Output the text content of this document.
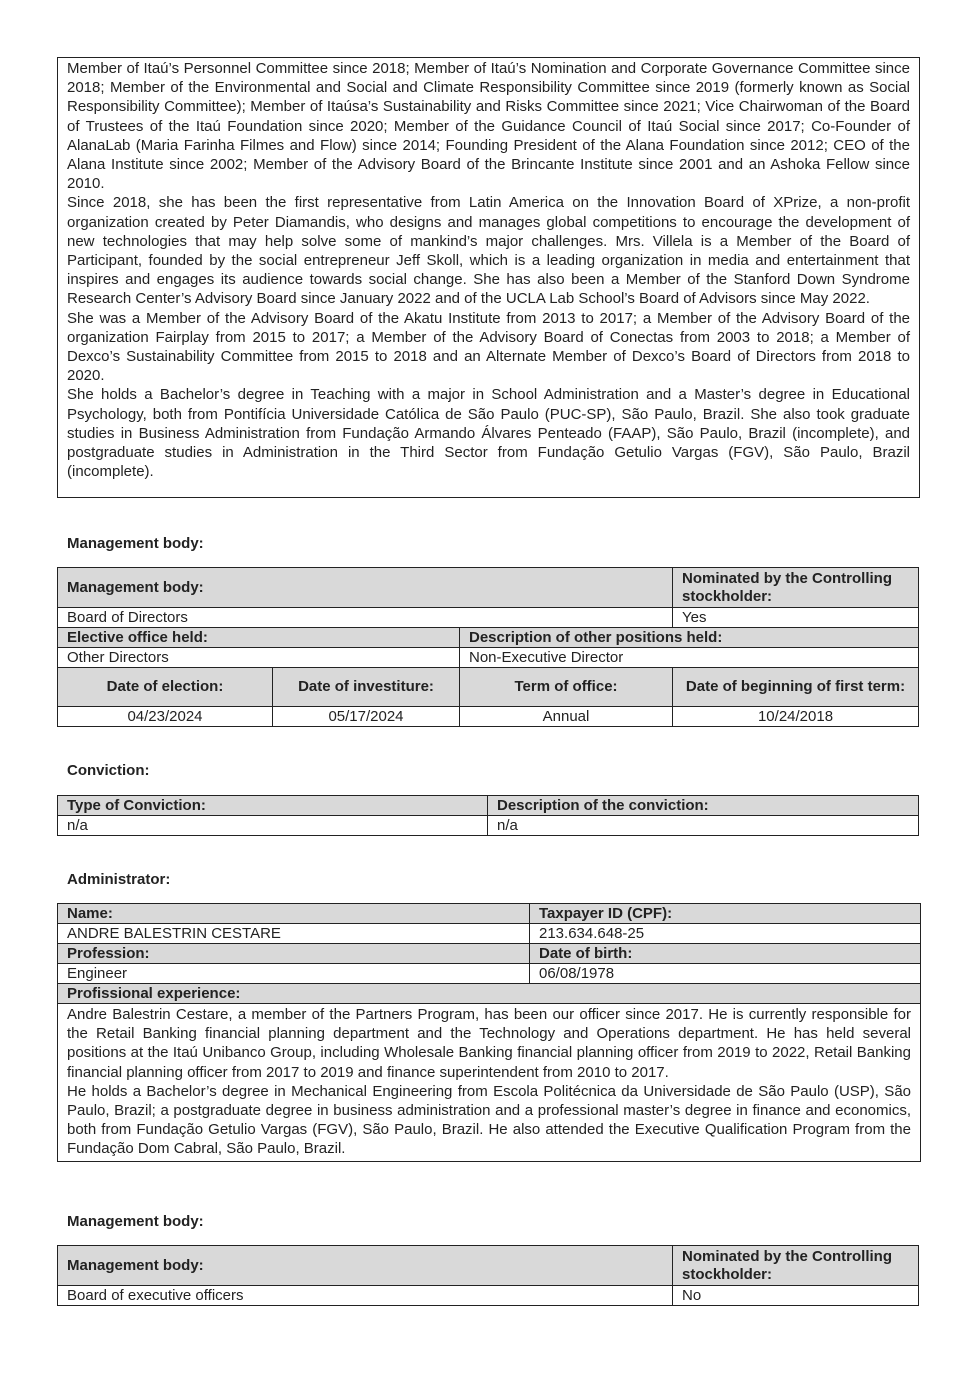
Member of Itaú’s Personnel Committee since 2018; Member of Itaú’s Nomination and Corporate Governance Committee since 2018; Member of the Environmental and Social and Climate Responsibility Committee since 2019 (formerly known as Social Responsibility Committee); Member of Itaúsa’s Sustainability and Risks Committee since 2021; Vice Chairwoman of the Board of Trustees of the Itaú Foundation since 2020; Member of the Guidance Council of Itaú Social since 2017; Co-Founder of AlanaLab (Maria Farinha Filmes and Flow) since 2014; Founding President of the Alana Foundation since 2012; CEO of the Alana Institute since 2002; Member of the Advisory Board of the Brincante Institute since 2001 and an Ashoka Fellow since 2010.

Since 2018, she has been the first representative from Latin America on the Innovation Board of XPrize, a non-profit organization created by Peter Diamandis, who designs and manages global competitions to encourage the development of new technologies that may help solve some of mankind’s major challenges. Mrs. Villela is a Member of the Board of Participant, founded by the social entrepreneur Jeff Skoll, which is a leading organization in media and entertainment that inspires and engages its audience towards social change. She has also been a Member of the Stanford Down Syndrome Research Center’s Advisory Board since January 2022 and of the UCLA Lab School’s Board of Advisors since May 2022.

She was a Member of the Advisory Board of the Akatu Institute from 2013 to 2017; a Member of the Advisory Board of the organization Fairplay from 2015 to 2017; a Member of the Advisory Board of Conectas from 2003 to 2018; a Member of Dexco’s Sustainability Committee from 2015 to 2018 and an Alternate Member of Dexco’s Board of Directors from 2018 to 2020.

She holds a Bachelor’s degree in Teaching with a major in School Administration and a Master’s degree in Educational Psychology, both from Pontifícia Universidade Católica de São Paulo (PUC-SP), São Paulo, Brazil. She also took graduate studies in Business Administration from Fundação Armando Álvares Penteado (FAAP), São Paulo, Brazil (incomplete), and postgraduate studies in Administration in the Third Sector from Fundação Getulio Vargas (FGV), São Paulo, Brazil (incomplete).

Management body:
Management body:			Nominated by the Controlling stockholder:
Board of Directors			Yes
Elective office held:		Description of other positions held:	
Other Directors		Non-Executive Director	
Date of election:	Date of investiture:	Term of office:	Date of beginning of first term:
04/23/2024	05/17/2024	Annual	10/24/2018
Conviction:
Type of Conviction:	Description of the conviction:
n/a	n/a
Administrator:
Name:	Taxpayer ID (CPF):
ANDRE BALESTRIN CESTARE	213.634.648-25
Profession:	Date of birth:
Engineer	06/08/1978
Profissional experience:	

Andre Balestrin Cestare, a member of the Partners Program, has been our officer since 2017. He is currently responsible for the Retail Banking financial planning department and the Technology and Operations department. He has held several positions at the Itaú Unibanco Group, including Wholesale Banking financial planning officer from 2019 to 2022, Retail Banking financial planning officer from 2017 to 2019 and finance superintendent from 2010 to 2017.

He holds a Bachelor’s degree in Mechanical Engineering from Escola Politécnica da Universidade de São Paulo (USP), São Paulo, Brazil; a postgraduate degree in business administration and a professional master’s degree in finance and economics, both from Fundação Getulio Vargas (FGV), São Paulo, Brazil. He also attended the Executive Qualification Program from the Fundação Dom Cabral, São Paulo, Brazil.	

Management body:
Management body:	Nominated by the Controlling stockholder:
Board of executive officers	No
